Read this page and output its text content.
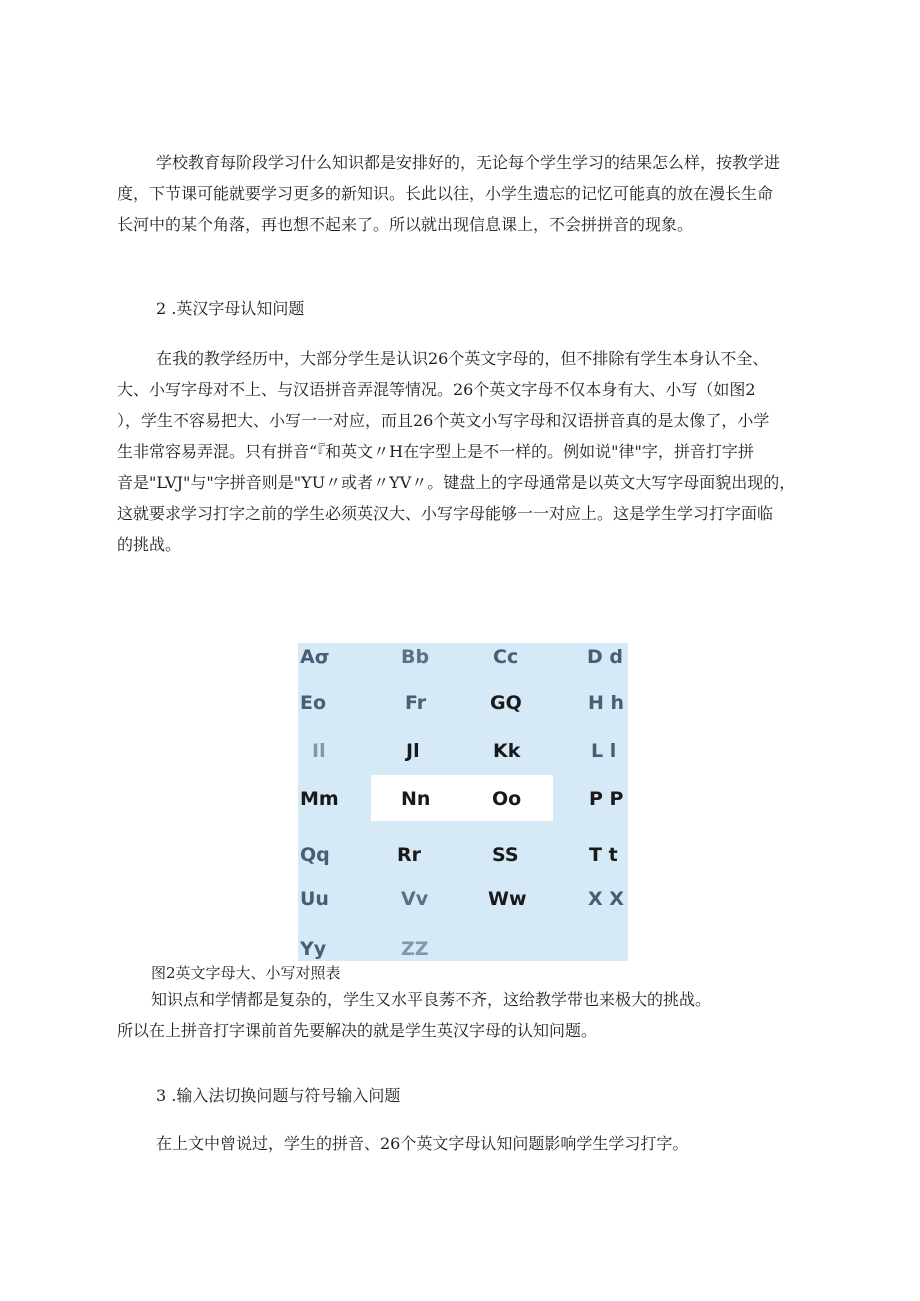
学校教育每阶段学习什么知识都是安排好的，无论每个学生学习的结果怎么样，按教学进
度，下节课可能就要学习更多的新知识。长此以往，小学生遗忘的记忆可能真的放在漫长生命
长河中的某个角落，再也想不起来了。所以就出现信息课上，不会拼拼音的现象。

2 .英汉字母认知问题

在我的教学经历中，大部分学生是认识26个英文字母的，但不排除有学生本身认不全、
大、小写字母对不上、与汉语拼音弄混等情况。26个英文字母不仅本身有大、小写（如图2
），学生不容易把大、小写一一对应，而且26个英文小写字母和汉语拼音真的是太像了，小学
生非常容易弄混。只有拼音“『和英文〃H在字型上是不一样的。例如说"律"字，拼音打字拼
音是"LVJ"与"字拼音则是"YU〃或者〃YV〃。键盘上的字母通常是以英文大写字母面貌出现的，
这就要求学习打字之前的学生必须英汉大、小写字母能够一一对应上。这是学生学习打字面临
的挑战。
Aσ	Bb	Cc	D d
Eo	Fr	GQ	H h
Il	Jl	Kk	L l
Mm	Nn	Oo	P P
Qq	Rr	SS	T t
Uu	Vv	Ww	X X
Yy	ZZ
图2英文字母大、小写对照表
知识点和学情都是复杂的，学生又水平良莠不齐，这给教学带也来极大的挑战。
所以在上拼音打字课前首先要解决的就是学生英汉字母的认知问题。

3 .输入法切换问题与符号输入问题

在上文中曾说过，学生的拼音、26个英文字母认知问题影响学生学习打字。
